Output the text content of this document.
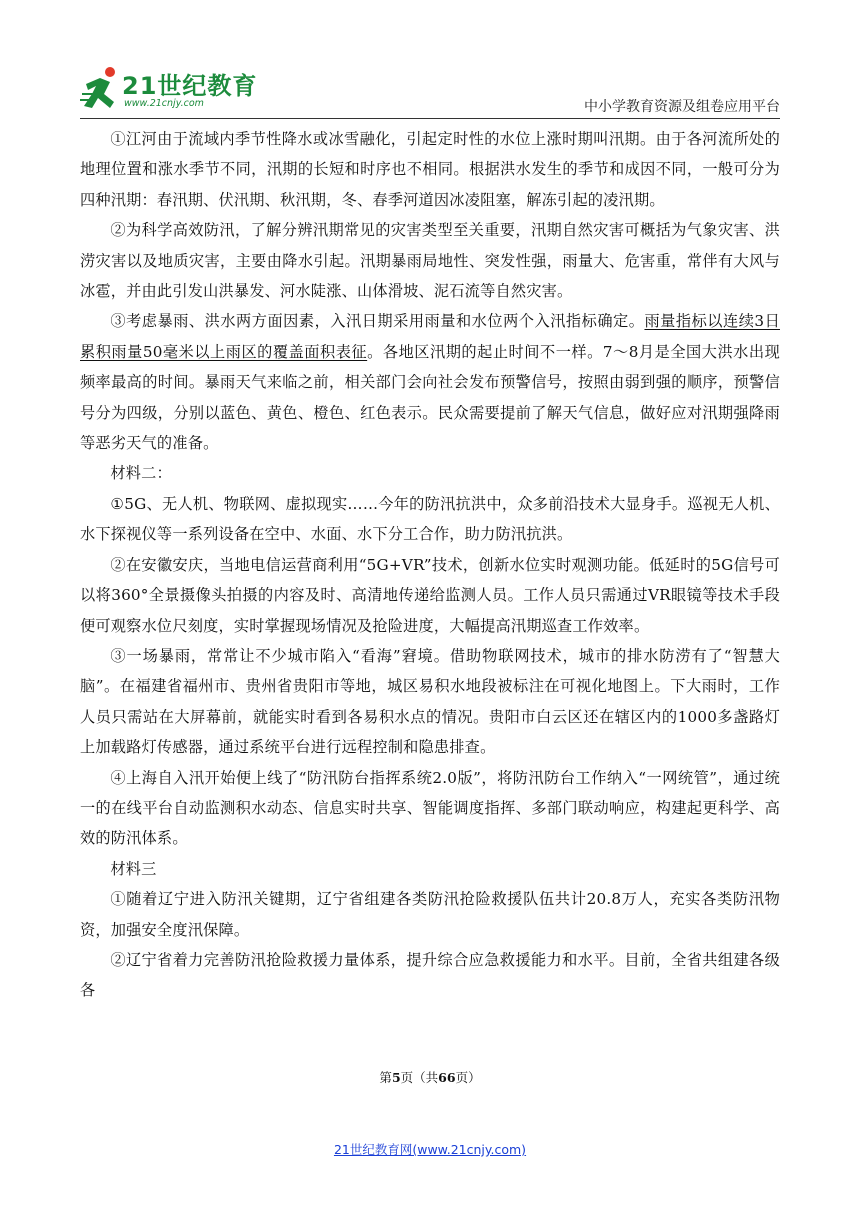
21世纪教育
www.21cnjy.com	中小学教育资源及组卷应用平台

①江河由于流域内季节性降水或冰雪融化，引起定时性的水位上涨时期叫汛期。由于各河流所处的地理位置和涨水季节不同，汛期的长短和时序也不相同。根据洪水发生的季节和成因不同，一般可分为四种汛期：春汛期、伏汛期、秋汛期，冬、春季河道因冰凌阻塞，解冻引起的凌汛期。

②为科学高效防汛，了解分辨汛期常见的灾害类型至关重要，汛期自然灾害可概括为气象灾害、洪涝灾害以及地质灾害，主要由降水引起。汛期暴雨局地性、突发性强，雨量大、危害重，常伴有大风与冰雹，并由此引发山洪暴发、河水陡涨、山体滑坡、泥石流等自然灾害。

③考虑暴雨、洪水两方面因素，入汛日期采用雨量和水位两个入汛指标确定。雨量指标以连续3日累积雨量50毫米以上雨区的覆盖面积表征。各地区汛期的起止时间不一样。7～8月是全国大洪水出现频率最高的时间。暴雨天气来临之前，相关部门会向社会发布预警信号，按照由弱到强的顺序，预警信号分为四级，分别以蓝色、黄色、橙色、红色表示。民众需要提前了解天气信息，做好应对汛期强降雨等恶劣天气的准备。

材料二：

①5G、无人机、物联网、虚拟现实……今年的防汛抗洪中，众多前沿技术大显身手。巡视无人机、水下探视仪等一系列设备在空中、水面、水下分工合作，助力防汛抗洪。

②在安徽安庆，当地电信运营商利用“5G+VR”技术，创新水位实时观测功能。低延时的5G信号可以将360°全景摄像头拍摄的内容及时、高清地传递给监测人员。工作人员只需通过VR眼镜等技术手段便可观察水位尺刻度，实时掌握现场情况及抢险进度，大幅提高汛期巡查工作效率。

③一场暴雨，常常让不少城市陷入“看海”窘境。借助物联网技术，城市的排水防涝有了“智慧大脑”。在福建省福州市、贵州省贵阳市等地，城区易积水地段被标注在可视化地图上。下大雨时，工作人员只需站在大屏幕前，就能实时看到各易积水点的情况。贵阳市白云区还在辖区内的1000多盏路灯上加载路灯传感器，通过系统平台进行远程控制和隐患排查。

④上海自入汛开始便上线了“防汛防台指挥系统2.0版”，将防汛防台工作纳入“一网统管”，通过统一的在线平台自动监测积水动态、信息实时共享、智能调度指挥、多部门联动响应，构建起更科学、高效的防汛体系。

材料三

①随着辽宁进入防汛关键期，辽宁省组建各类防汛抢险救援队伍共计20.8万人，充实各类防汛物资，加强安全度汛保障。

②辽宁省着力完善防汛抢险救援力量体系，提升综合应急救援能力和水平。目前，全省共组建各级各

第5页（共66页）
21世纪教育网(www.21cnjy.com)
